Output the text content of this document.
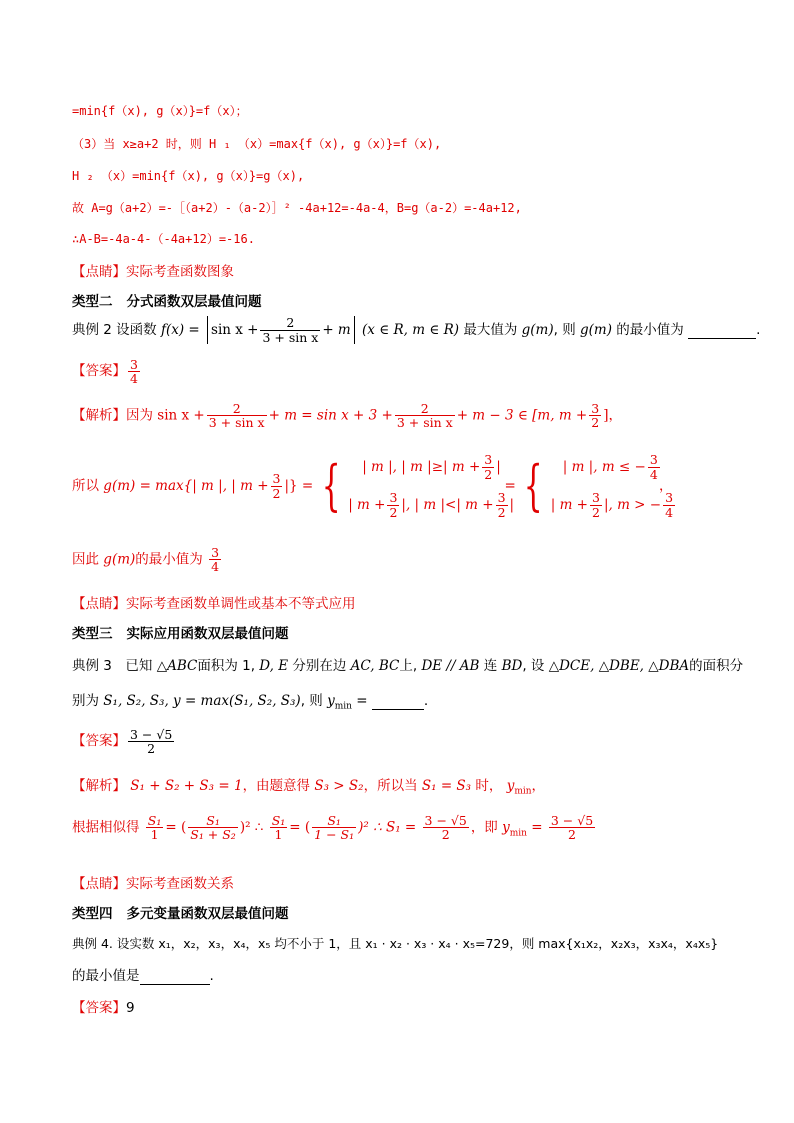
=min{f（x), g（x）}=f（x）；
（3）当 x≥a+2 时，则 H ₁ （x）=max{f（x), g（x）}=f（x),
H ₂ （x）=min{f（x), g（x）}=g（x),
故 A=g（a+2）=-［（a+2）-（a-2）］² -4a+12=-4a-4，B=g（a-2）=-4a+12,
∴A-B=-4a-4-（-4a+12）=-16.
【点睛】实际考查函数图象
类型二 分式函数双层最值问题
典例 2 设函数 $f(x) = \sin x + \frac{2}{\text{3 + sin x}} + m$ (x ∈ R, m ∈ R) 最大值为 g(m), 则 g(m) 的最小值为	.
【答案】 $\frac{3}{4}$
【解析】因为 $\sin x + \frac{2}{\text{3 + sin x}} + m = \sin x + 3 + \frac{2}{\text{3 + sin x}} + m - 3$ ∈ [m, $m + \frac{3}{2}$ ]，
所以 g(m) = max{| m |, | $m + \frac{3}{2}$ |} = {	| m |, | m |≥| $m + \frac{3}{2}$ |
| $m + \frac{3}{2}$ |, | m |<| $m + \frac{3}{2}$ |
= {	| m |, m ≤ − $\frac{3}{4}$
| $m + \frac{3}{2}$ |, m > − $\frac{3}{4}$
，
因此 g(m)的最小值为 $\frac{3}{4}$
【点睛】实际考查函数单调性或基本不等式应用
类型三 实际应用函数双层最值问题
典例 3　已知 △ABC面积为 1, D, E 分别在边 AC, BC上, DE // AB 连 BD, 设 △DCE, △DBE, △DBA的面积分
别为 S₁, S₂, S₃, y = max(S₁, S₂, S₃), 则 $y_{min}$ =	.
【答案】 $\frac{3 - √5}{2}$
【解析】 S₁ + S₂ + S₃ = 1，由题意得 S₃ > S₂，所以当 S₁ = S₃ 时， $y_{min}$，
根据相似得 $\frac{\text{S₁}}{1}$ = ( $\frac{\text{S₁}}{\text{S₁ + S₂}} )^2$ ∴ $\frac{\text{S₁}}{1}$ = ( $\frac{\text{S₁}}{\text{1 − S₁}} )^2$ ∴ $S_1 = \frac{3 - √5}{2}$ ，即 $y_{min} = \frac{3 - √5}{2}$
【点睛】实际考查函数关系
类型四 多元变量函数双层最值问题
典例 4. 设实数 x₁，x₂，x₃，x₄，x₅ 均不小于 1，且 x₁ · x₂ · x₃ · x₄ · x₅=729，则 max{x₁x₂，x₂x₃，x₃x₄，x₄x₅}
的最小值是	.
【答案】9
